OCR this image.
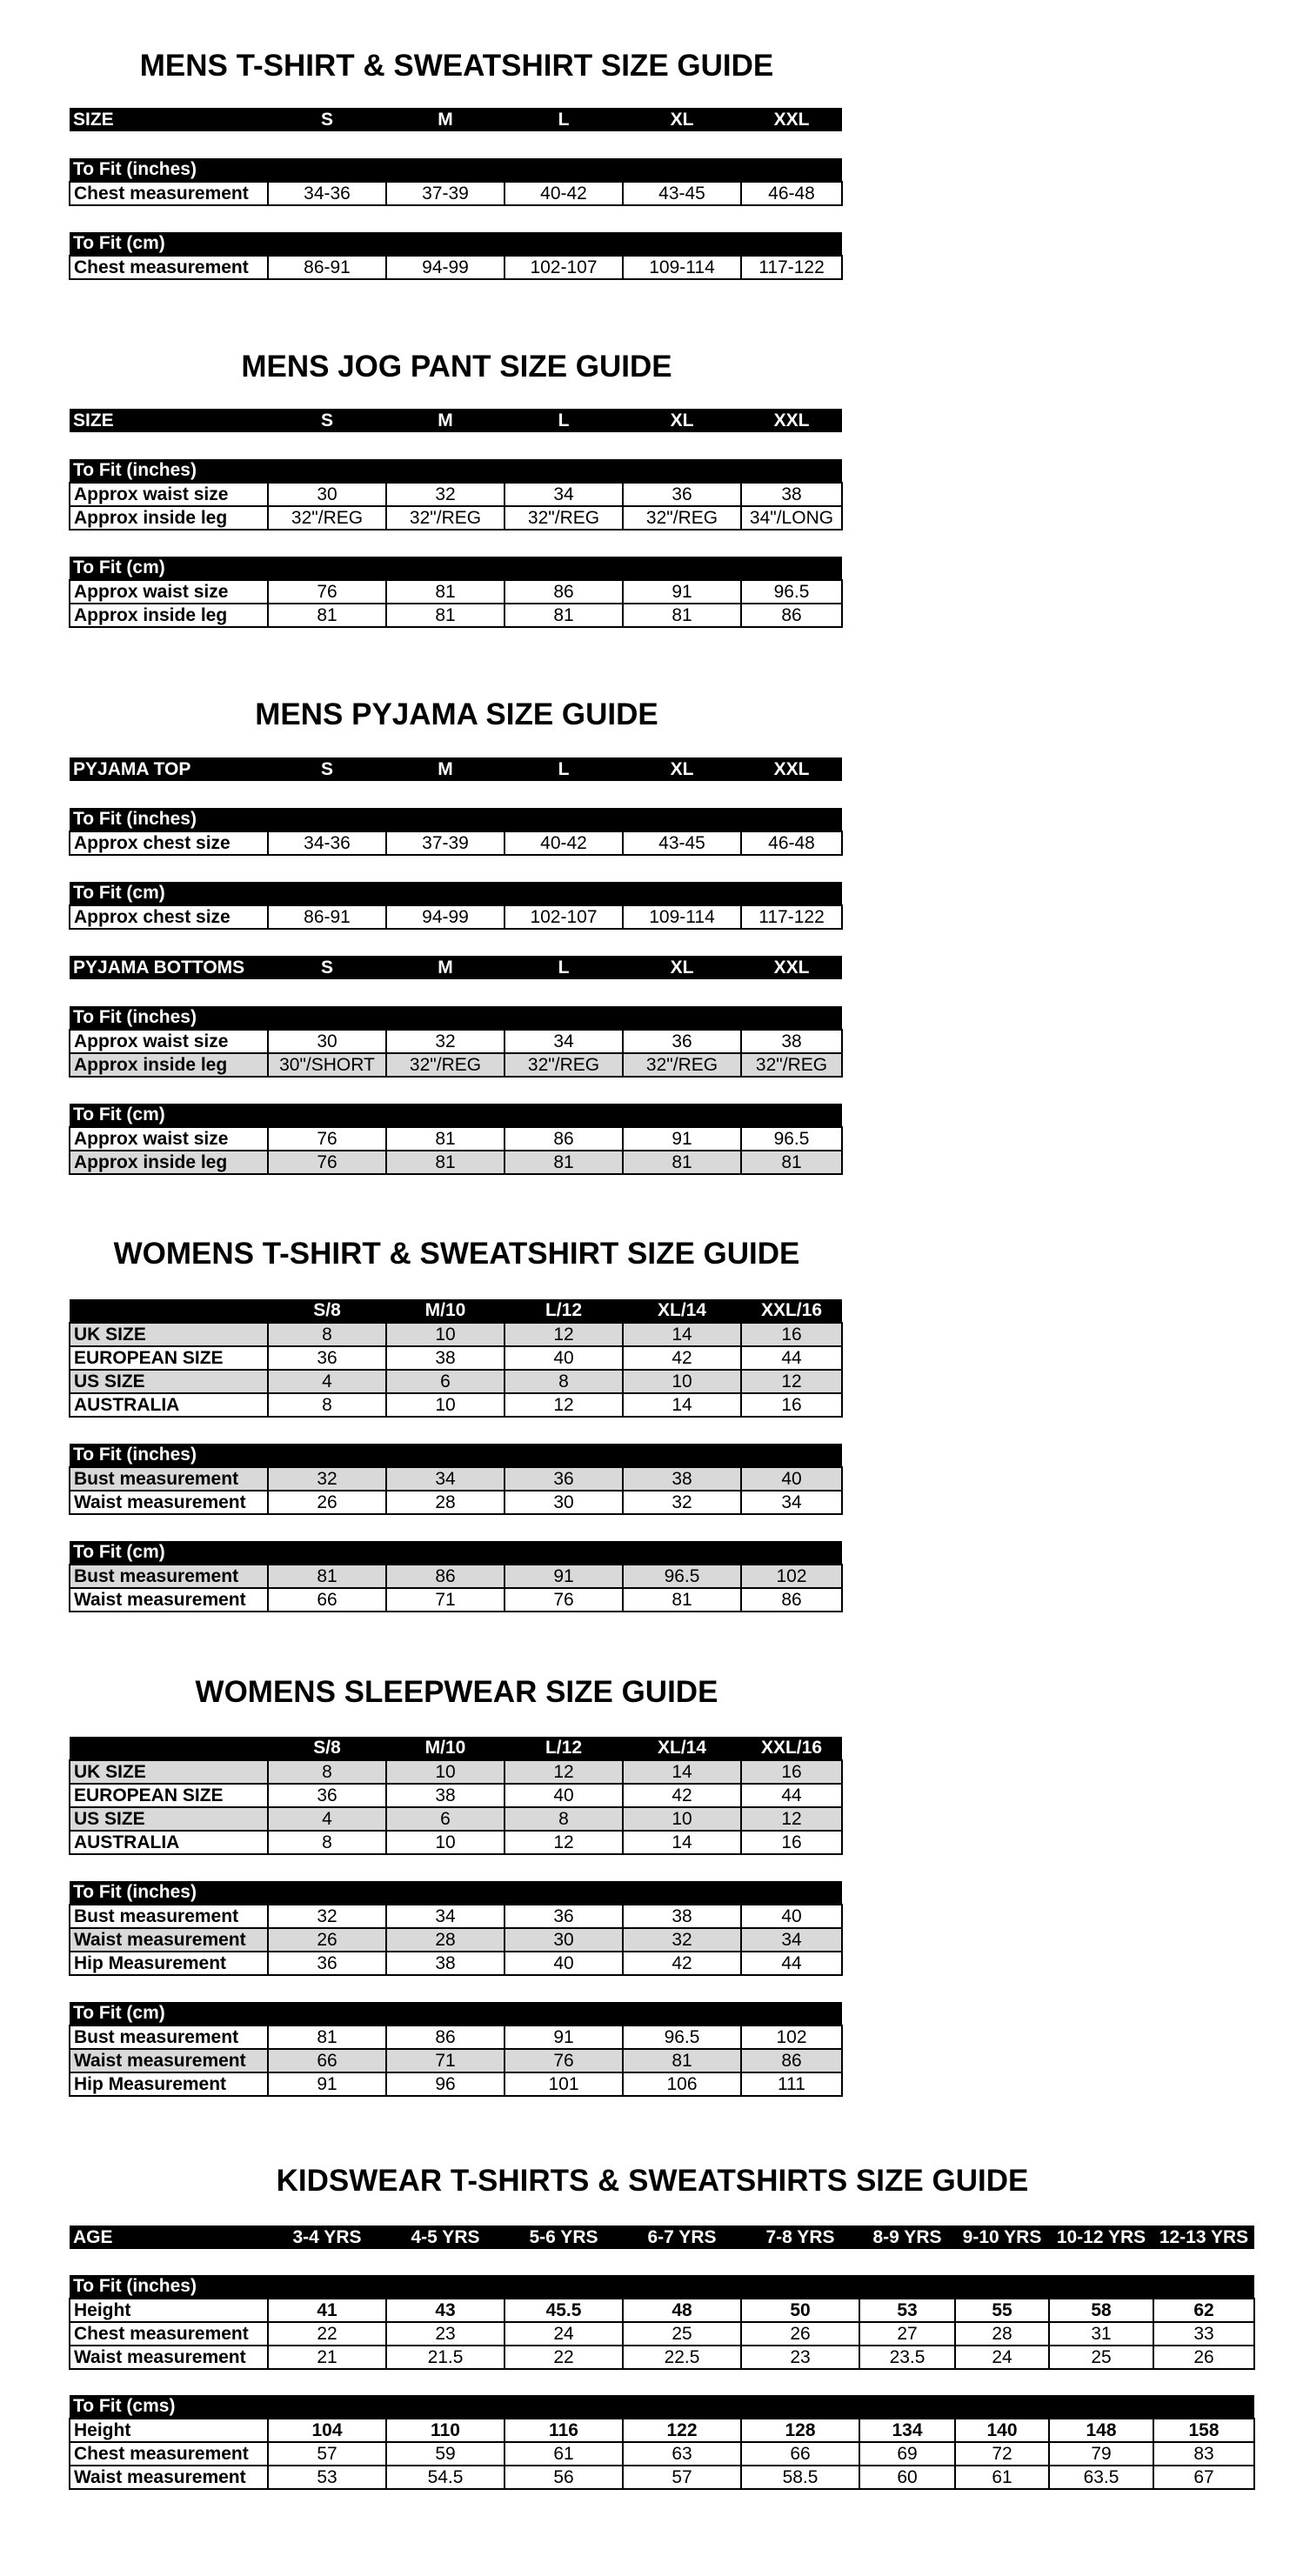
MENS T-SHIRT & SWEATSHIRT SIZE GUIDE
SIZE	S	M	L	XL	XXL

To Fit (inches)					
Chest measurement	34-36	37-39	40-42	43-45	46-48

To Fit (cm)					
Chest measurement	86-91	94-99	102-107	109-114	117-122
MENS JOG PANT SIZE GUIDE
SIZE	S	M	L	XL	XXL

To Fit (inches)					
Approx waist size	30	32	34	36	38
Approx inside leg	32"/REG	32"/REG	32"/REG	32"/REG	34"/LONG

To Fit (cm)					
Approx waist size	76	81	86	91	96.5
Approx inside leg	81	81	81	81	86
MENS PYJAMA SIZE GUIDE
PYJAMA TOP	S	M	L	XL	XXL

To Fit (inches)					
Approx chest size	34-36	37-39	40-42	43-45	46-48

To Fit (cm)					
Approx chest size	86-91	94-99	102-107	109-114	117-122

PYJAMA BOTTOMS	S	M	L	XL	XXL

To Fit (inches)					
Approx waist size	30	32	34	36	38
Approx inside leg	30"/SHORT	32"/REG	32"/REG	32"/REG	32"/REG

To Fit (cm)					
Approx waist size	76	81	86	91	96.5
Approx inside leg	76	81	81	81	81
WOMENS T-SHIRT & SWEATSHIRT SIZE GUIDE
	S/8	M/10	L/12	XL/14	XXL/16
UK SIZE	8	10	12	14	16
EUROPEAN SIZE	36	38	40	42	44
US SIZE	4	6	8	10	12
AUSTRALIA	8	10	12	14	16

To Fit (inches)					
Bust measurement	32	34	36	38	40
Waist measurement	26	28	30	32	34

To Fit (cm)					
Bust measurement	81	86	91	96.5	102
Waist measurement	66	71	76	81	86
WOMENS SLEEPWEAR SIZE GUIDE
	S/8	M/10	L/12	XL/14	XXL/16
UK SIZE	8	10	12	14	16
EUROPEAN SIZE	36	38	40	42	44
US SIZE	4	6	8	10	12
AUSTRALIA	8	10	12	14	16

To Fit (inches)					
Bust measurement	32	34	36	38	40
Waist measurement	26	28	30	32	34
Hip Measurement	36	38	40	42	44

To Fit (cm)					
Bust measurement	81	86	91	96.5	102
Waist measurement	66	71	76	81	86
Hip Measurement	91	96	101	106	111
KIDSWEAR T-SHIRTS & SWEATSHIRTS SIZE GUIDE
AGE	3-4 YRS	4-5 YRS	5-6 YRS	6-7 YRS	7-8 YRS	8-9 YRS	9-10 YRS	10-12 YRS	12-13 YRS

To Fit (inches)									
Height	41	43	45.5	48	50	53	55	58	62
Chest measurement	22	23	24	25	26	27	28	31	33
Waist measurement	21	21.5	22	22.5	23	23.5	24	25	26

To Fit (cms)									
Height	104	110	116	122	128	134	140	148	158
Chest measurement	57	59	61	63	66	69	72	79	83
Waist measurement	53	54.5	56	57	58.5	60	61	63.5	67
